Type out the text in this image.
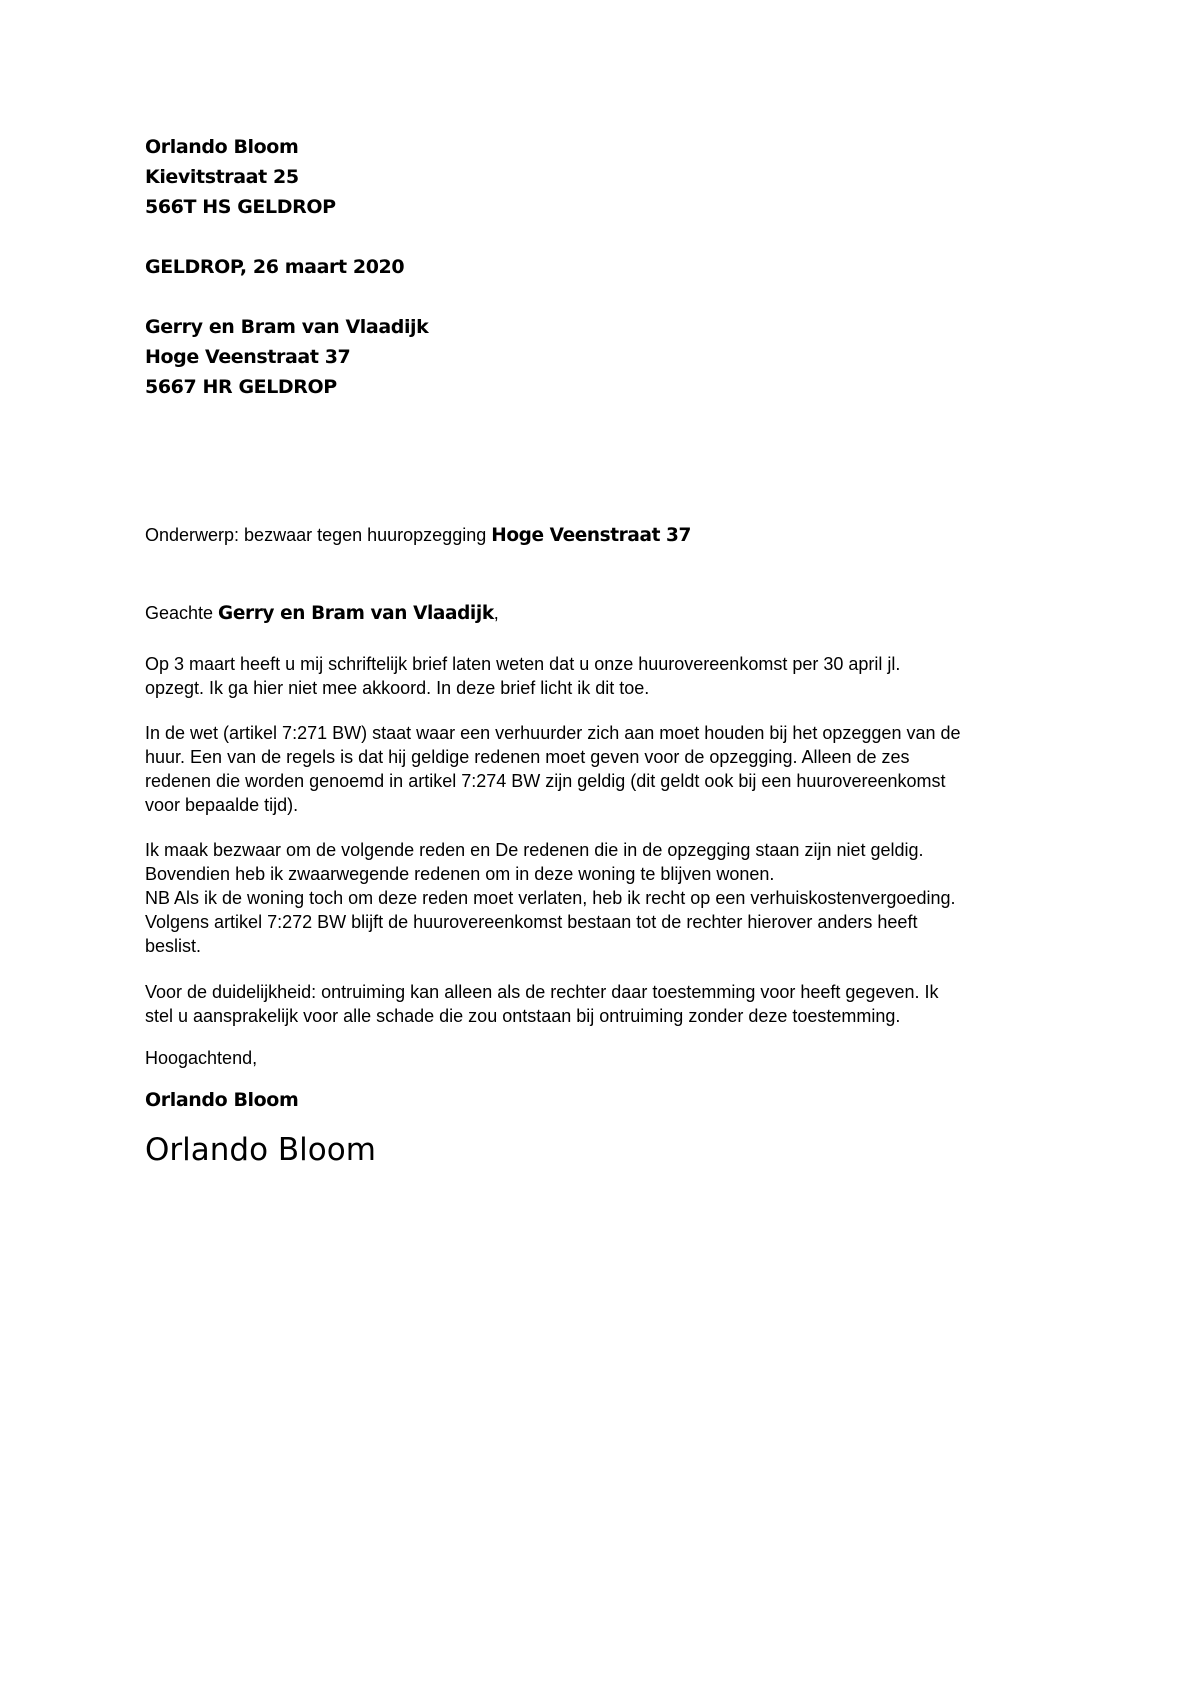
Orlando Bloom
Kievitstraat 25
566T HS GELDROP
GELDROP, 26 maart 2020
Gerry en Bram van Vlaadijk
Hoge Veenstraat 37
5667 HR GELDROP
Onderwerp: bezwaar tegen huuropzegging Hoge Veenstraat 37
Geachte Gerry en Bram van Vlaadijk,
Op 3 maart heeft u mij schriftelijk brief laten weten dat u onze huurovereenkomst per 30 april jl.
opzegt. Ik ga hier niet mee akkoord. In deze brief licht ik dit toe.
In de wet (artikel 7:271 BW) staat waar een verhuurder zich aan moet houden bij het opzeggen van de
huur. Een van de regels is dat hij geldige redenen moet geven voor de opzegging. Alleen de zes
redenen die worden genoemd in artikel 7:274 BW zijn geldig (dit geldt ook bij een huurovereenkomst
voor bepaalde tijd).
Ik maak bezwaar om de volgende reden en De redenen die in de opzegging staan zijn niet geldig.
Bovendien heb ik zwaarwegende redenen om in deze woning te blijven wonen.
NB Als ik de woning toch om deze reden moet verlaten, heb ik recht op een verhuiskostenvergoeding.
Volgens artikel 7:272 BW blijft de huurovereenkomst bestaan tot de rechter hierover anders heeft
beslist.
Voor de duidelijkheid: ontruiming kan alleen als de rechter daar toestemming voor heeft gegeven. Ik
stel u aansprakelijk voor alle schade die zou ontstaan bij ontruiming zonder deze toestemming.
Hoogachtend,
Orlando Bloom
Orlando Bloom
